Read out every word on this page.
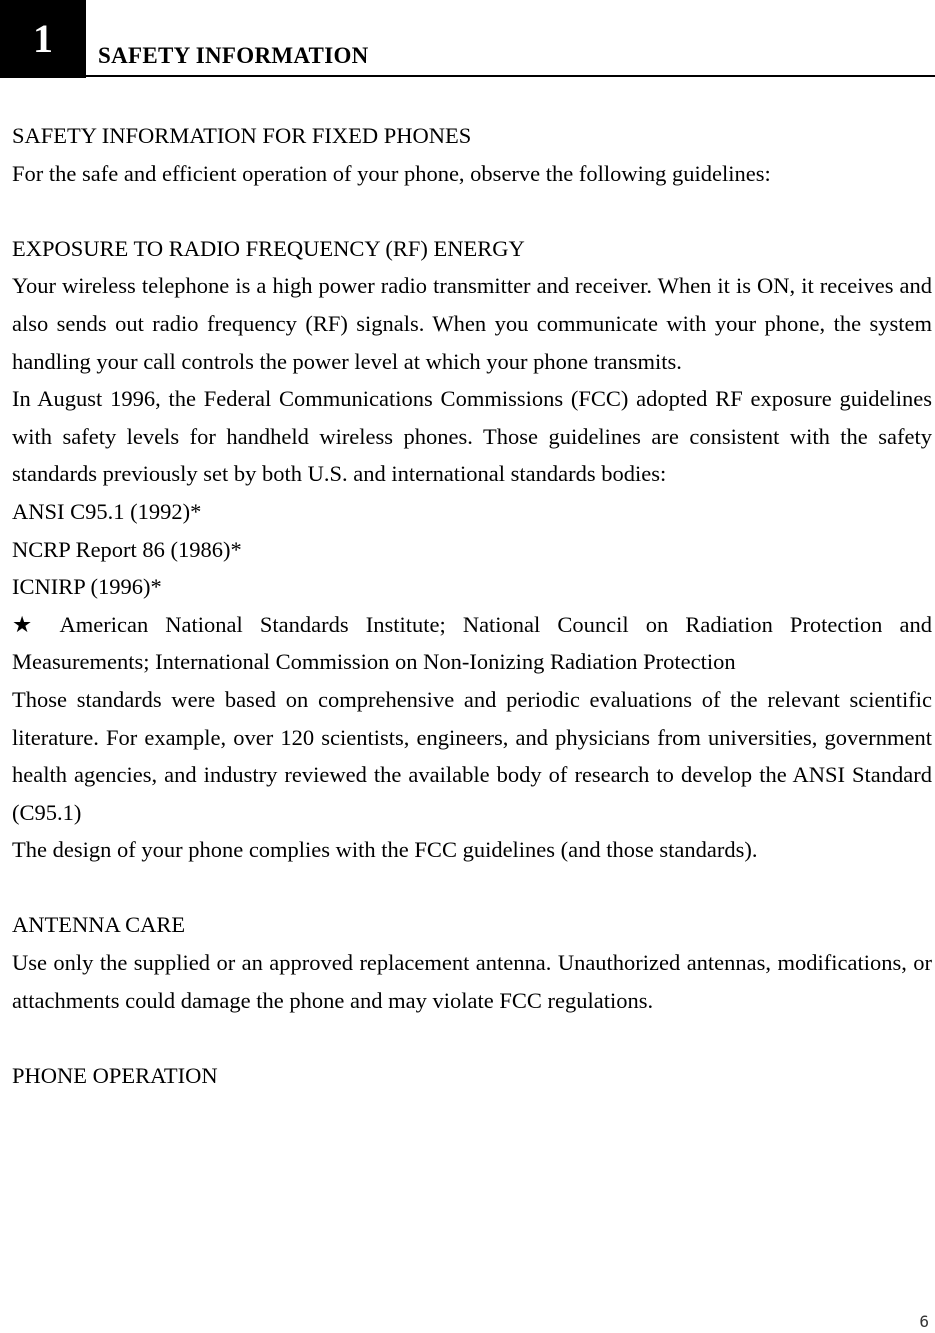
1	SAFETY INFORMATION

SAFETY INFORMATION FOR FIXED PHONES

For the safe and efficient operation of your phone, observe the following guidelines:

EXPOSURE TO RADIO FREQUENCY (RF) ENERGY

Your wireless telephone is a high power radio transmitter and receiver. When it is ON, it receives and also sends out radio frequency (RF) signals. When you communicate with your phone, the system handling your call controls the power level at which your phone transmits.

In August 1996, the Federal Communications Commissions (FCC) adopted RF exposure guidelines with safety levels for handheld wireless phones. Those guidelines are consistent with the safety standards previously set by both U.S. and international standards bodies:

ANSI C95.1 (1992)*

NCRP Report 86 (1986)*

ICNIRP (1996)*

★ American National Standards Institute; National Council on Radiation Protection and Measurements; International Commission on Non-Ionizing Radiation Protection

Those standards were based on comprehensive and periodic evaluations of the relevant scientific literature. For example, over 120 scientists, engineers, and physicians from universities, government health agencies, and industry reviewed the available body of research to develop the ANSI Standard (C95.1)

The design of your phone complies with the FCC guidelines (and those standards).

ANTENNA CARE

Use only the supplied or an approved replacement antenna. Unauthorized antennas, modifications, or attachments could damage the phone and may violate FCC regulations.

PHONE OPERATION

6
